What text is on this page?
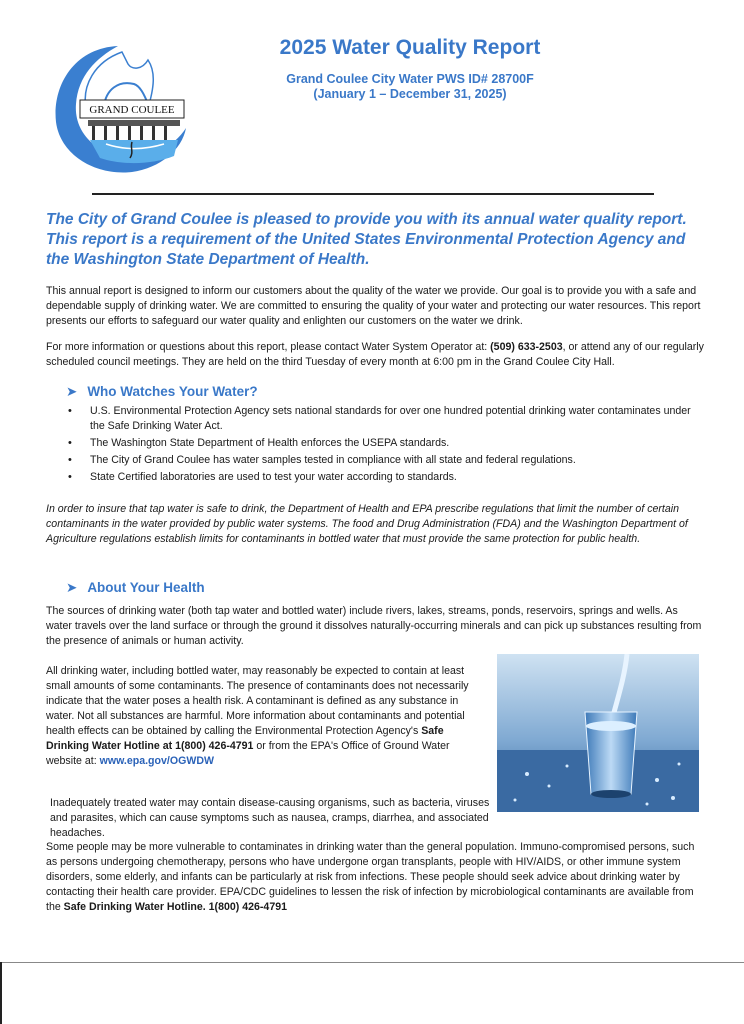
GRAND COULEE
2025 Water Quality Report
Grand Coulee City Water PWS ID# 28700F
(January 1 – December 31, 2025)
The City of Grand Coulee is pleased to provide you with its annual water quality report. This report is a requirement of the United States Environmental Protection Agency and the Washington State Department of Health.
This annual report is designed to inform our customers about the quality of the water we provide. Our goal is to provide you with a safe and dependable supply of drinking water. We are committed to ensuring the quality of your water and protecting our water resources. This report presents our efforts to safeguard our water quality and enlighten our customers on the water we drink.
For more information or questions about this report, please contact Water System Operator at: (509) 633-2503, or attend any of our regularly scheduled council meetings. They are held on the third Tuesday of every month at 6:00 pm in the Grand Coulee City Hall.
➤ Who Watches Your Water?
• U.S. Environmental Protection Agency sets national standards for over one hundred potential drinking water contaminates under the Safe Drinking Water Act.
• The Washington State Department of Health enforces the USEPA standards.
• The City of Grand Coulee has water samples tested in compliance with all state and federal regulations.
• State Certified laboratories are used to test your water according to standards.
In order to insure that tap water is safe to drink, the Department of Health and EPA prescribe regulations that limit the number of certain contaminants in the water provided by public water systems. The food and Drug Administration (FDA) and the Washington Department of Agriculture regulations establish limits for contaminants in bottled water that must provide the same protection for public health.
➤ About Your Health
The sources of drinking water (both tap water and bottled water) include rivers, lakes, streams, ponds, reservoirs, springs and wells. As water travels over the land surface or through the ground it dissolves naturally-occurring minerals and can pick up substances resulting from the presence of animals or human activity.
All drinking water, including bottled water, may reasonably be expected to contain at least small amounts of some contaminants. The presence of contaminants does not necessarily indicate that the water poses a health risk. A contaminant is defined as any substance in water. Not all substances are harmful. More information about contaminants and potential health effects can be obtained by calling the Environmental Protection Agency's Safe Drinking Water Hotline at 1(800) 426-4791 or from the EPA's Office of Ground Water website at: www.epa.gov/OGWDW
Inadequately treated water may contain disease-causing organisms, such as bacteria, viruses and parasites, which can cause symptoms such as nausea, cramps, diarrhea, and associated headaches.
Some people may be more vulnerable to contaminates in drinking water than the general population. Immuno-compromised persons, such as persons undergoing chemotherapy, persons who have undergone organ transplants, people with HIV/AIDS, or other immune system disorders, some elderly, and infants can be particularly at risk from infections. These people should seek advice about drinking water by contacting their health care provider. EPA/CDC guidelines to lessen the risk of infection by microbiological contaminants are available from the Safe Drinking Water Hotline. 1(800) 426-4791
